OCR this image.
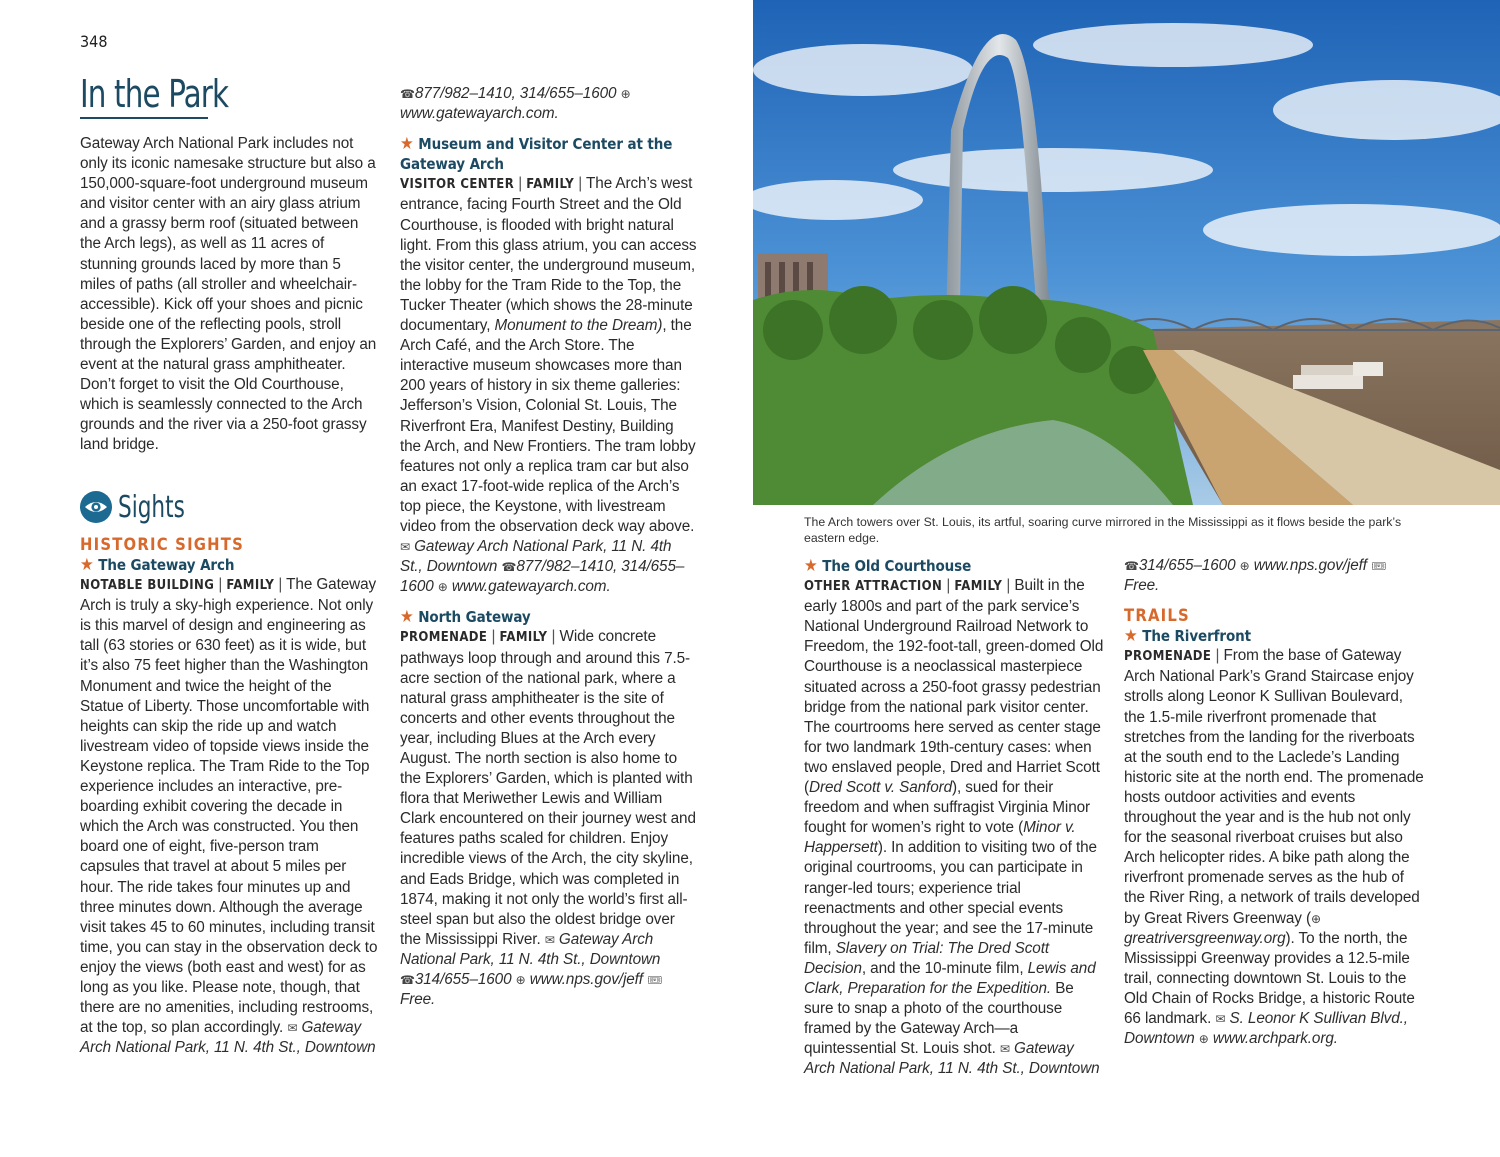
348
In the Park

Gateway Arch National Park includes not only its iconic namesake structure but also a 150,000-square-foot underground museum and visitor center with an airy glass atrium and a grassy berm roof (situated between the Arch legs), as well as 11 acres of stunning grounds laced by more than 5 miles of paths (all stroller and wheelchair-accessible). Kick off your shoes and picnic beside one of the reflecting pools, stroll through the Explorers’ Garden, and enjoy an event at the natural grass amphitheater. Don’t forget to visit the Old Courthouse, which is seamlessly connected to the Arch grounds and the river via a 250-foot grassy land bridge.

Sights
HISTORIC SIGHTS
★ The Gateway Arch

NOTABLE BUILDING | FAMILY | The Gateway Arch is truly a sky-high experience. Not only is this marvel of design and engineering as tall (63 stories or 630 feet) as it is wide, but it’s also 75 feet higher than the Washington Monument and twice the height of the Statue of Liberty. Those uncomfortable with heights can skip the ride up and watch livestream video of topside views inside the Keystone replica. The Tram Ride to the Top experience includes an interactive, pre-boarding exhibit covering the decade in which the Arch was constructed. You then board one of eight, five-person tram capsules that travel at about 5 miles per hour. The ride takes four minutes up and three minutes down. Although the average visit takes 45 to 60 minutes, including transit time, you can stay in the observation deck to enjoy the views (both east and west) for as long as you like. Please note, though, that there are no amenities, including restrooms, at the top, so plan accordingly. ✉ Gateway Arch National Park, 11 N. 4th St., Downtown

☎877/982–1410, 314/655–1600 ⊕ www.gatewayarch.com.

★ Museum and Visitor Center at the Gateway Arch

VISITOR CENTER | FAMILY | The Arch’s west entrance, facing Fourth Street and the Old Courthouse, is flooded with bright natural light. From this glass atrium, you can access the visitor center, the underground museum, the lobby for the Tram Ride to the Top, the Tucker Theater (which shows the 28-minute documentary, Monument to the Dream), the Arch Café, and the Arch Store. The interactive museum showcases more than 200 years of history in six theme galleries: Jefferson’s Vision, Colonial St. Louis, The Riverfront Era, Manifest Destiny, Building the Arch, and New Frontiers. The tram lobby features not only a replica tram car but also an exact 17-foot-wide replica of the Arch’s top piece, the Keystone, with livestream video from the observation deck way above. ✉ Gateway Arch National Park, 11 N. 4th St., Downtown ☎877/982–1410, 314/655–1600 ⊕ www.gatewayarch.com.

★ North Gateway

PROMENADE | FAMILY | Wide concrete pathways loop through and around this 7.5-acre section of the national park, where a natural grass amphitheater is the site of concerts and other events throughout the year, including Blues at the Arch every August. The north section is also home to the Explorers’ Garden, which is planted with flora that Meriwether Lewis and William Clark encountered on their journey west and features paths scaled for children. Enjoy incredible views of the Arch, the city skyline, and Eads Bridge, which was completed in 1874, making it not only the world’s first all-steel span but also the oldest bridge over the Mississippi River. ✉ Gateway Arch National Park, 11 N. 4th St., Downtown ☎314/655–1600 ⊕ www.nps.gov/jeff 🎟 Free.

The Arch towers over St. Louis, its artful, soaring curve mirrored in the Mississippi as it flows beside the park’s eastern edge.
★ The Old Courthouse

OTHER ATTRACTION | FAMILY | Built in the early 1800s and part of the park service’s National Underground Railroad Network to Freedom, the 192-foot-tall, green-domed Old Courthouse is a neoclassical masterpiece situated across a 250-foot grassy pedestrian bridge from the national park visitor center. The courtrooms here served as center stage for two landmark 19th-century cases: when two enslaved people, Dred and Harriet Scott (Dred Scott v. Sanford), sued for their freedom and when suffragist Virginia Minor fought for women’s right to vote (Minor v. Happersett). In addition to visiting two of the original courtrooms, you can participate in ranger-led tours; experience trial reenactments and other special events throughout the year; and see the 17-minute film, Slavery on Trial: The Dred Scott Decision, and the 10-minute film, Lewis and Clark, Preparation for the Expedition. Be sure to snap a photo of the courthouse framed by the Gateway Arch—a quintessential St. Louis shot. ✉ Gateway Arch National Park, 11 N. 4th St., Downtown

☎314/655–1600 ⊕ www.nps.gov/jeff 🎟 Free.

TRAILS
★ The Riverfront

PROMENADE | From the base of Gateway Arch National Park’s Grand Staircase enjoy strolls along Leonor K Sullivan Boulevard, the 1.5-mile riverfront promenade that stretches from the landing for the riverboats at the south end to the Laclede’s Landing historic site at the north end. The promenade hosts outdoor activities and events throughout the year and is the hub not only for the seasonal riverboat cruises but also Arch helicopter rides. A bike path along the riverfront promenade serves as the hub of the River Ring, a network of trails developed by Great Rivers Greenway (⊕ greatriversgreenway.org). To the north, the Mississippi Greenway provides a 12.5-mile trail, connecting downtown St. Louis to the Old Chain of Rocks Bridge, a historic Route 66 landmark. ✉ S. Leonor K Sullivan Blvd., Downtown ⊕ www.archpark.org.
